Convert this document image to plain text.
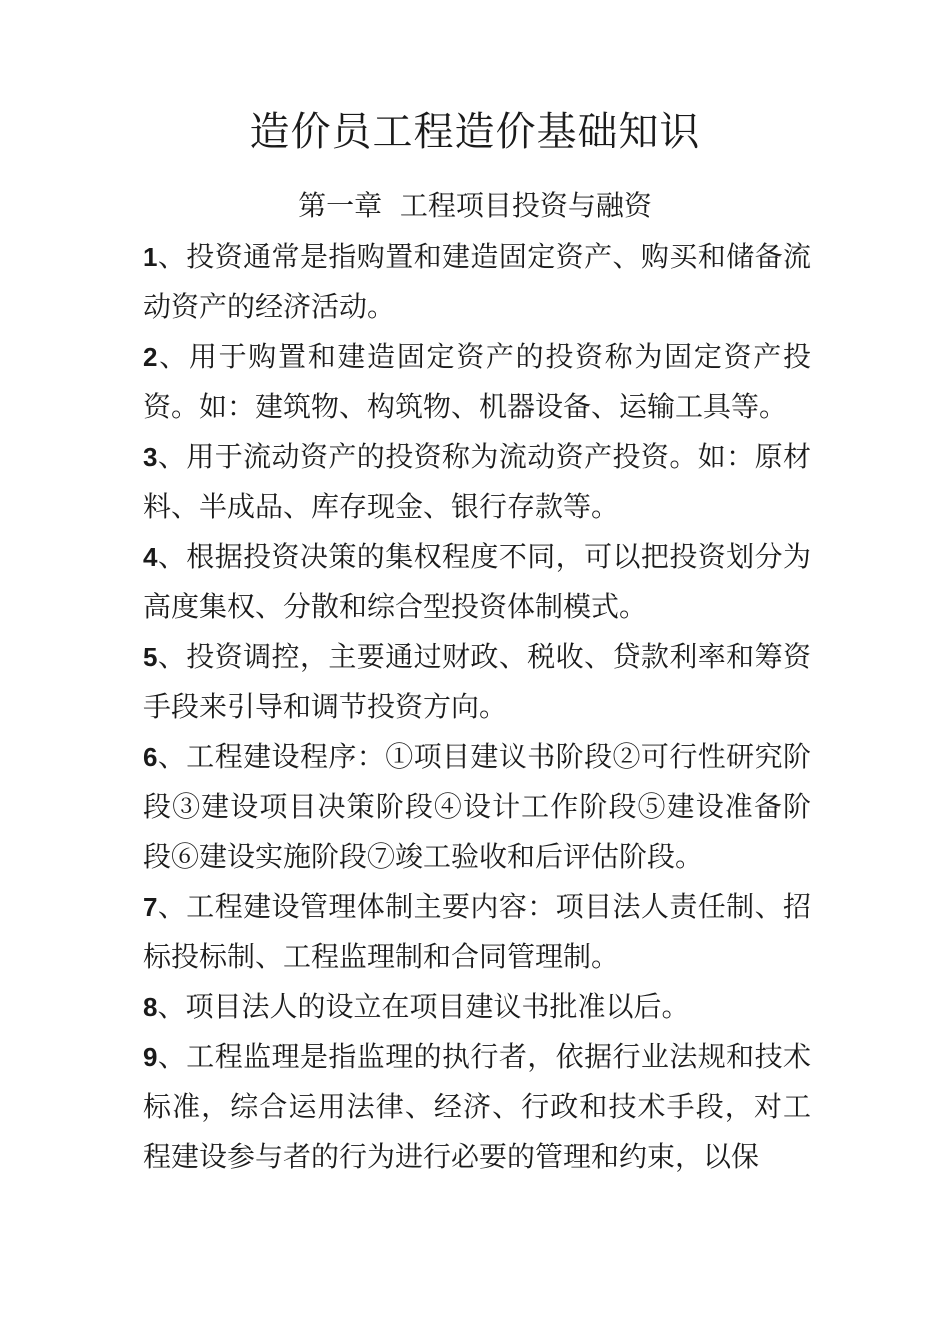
造价员工程造价基础知识
第一章  工程项目投资与融资

1、投资通常是指购置和建造固定资产、购买和储备流动资产的经济活动。

2、用于购置和建造固定资产的投资称为固定资产投资。如：建筑物、构筑物、机器设备、运输工具等。

3、用于流动资产的投资称为流动资产投资。如：原材料、半成品、库存现金、银行存款等。

4、根据投资决策的集权程度不同，可以把投资划分为高度集权、分散和综合型投资体制模式。

5、投资调控，主要通过财政、税收、贷款利率和筹资手段来引导和调节投资方向。

6、工程建设程序：①项目建议书阶段②可行性研究阶段③建设项目决策阶段④设计工作阶段⑤建设准备阶段⑥建设实施阶段⑦竣工验收和后评估阶段。

7、工程建设管理体制主要内容：项目法人责任制、招标投标制、工程监理制和合同管理制。

8、项目法人的设立在项目建议书批准以后。

9、工程监理是指监理的执行者，依据行业法规和技术标准，综合运用法律、经济、行政和技术手段，对工程建设参与者的行为进行必要的管理和约束，以保
